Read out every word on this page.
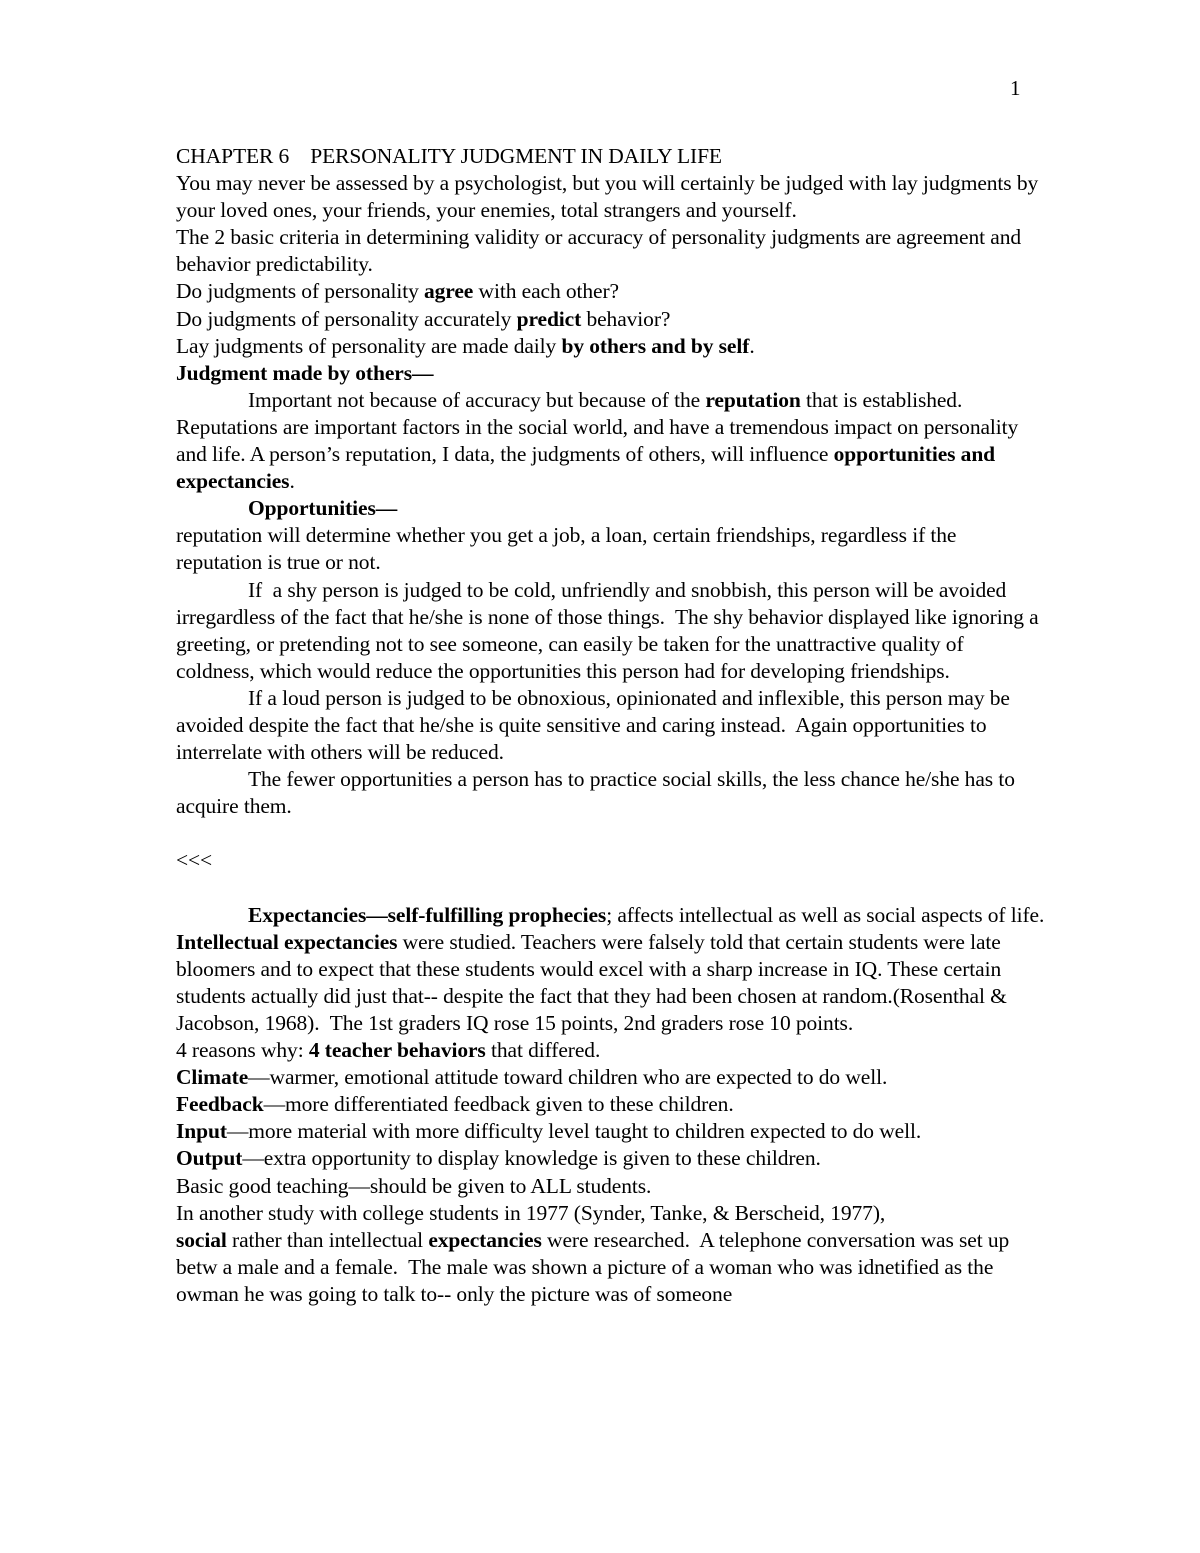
1

CHAPTER 6    PERSONALITY JUDGMENT IN DAILY LIFE

You may never be assessed by a psychologist, but you will certainly be judged with lay judgments by your loved ones, your friends, your enemies, total strangers and yourself.

The 2 basic criteria in determining validity or accuracy of personality judgments are agreement and behavior predictability.

Do judgments of personality agree with each other?

Do judgments of personality accurately predict behavior?

Lay judgments of personality are made daily by others and by self.

Judgment made by others—

Important not because of accuracy but because of the reputation that is established. Reputations are important factors in the social world, and have a tremendous impact on personality and life. A person’s reputation, I data, the judgments of others, will influence opportunities and expectancies.

Opportunities—

reputation will determine whether you get a job, a loan, certain friendships, regardless if the reputation is true or not.

If  a shy person is judged to be cold, unfriendly and snobbish, this person will be avoided irregardless of the fact that he/she is none of those things.  The shy behavior displayed like ignoring a greeting, or pretending not to see someone, can easily be taken for the unattractive quality of coldness, which would reduce the opportunities this person had for developing friendships.

If a loud person is judged to be obnoxious, opinionated and inflexible, this person may be avoided despite the fact that he/she is quite sensitive and caring instead.  Again opportunities to interrelate with others will be reduced.

The fewer opportunities a person has to practice social skills, the less chance he/she has to acquire them.

<<<

Expectancies—self-fulfilling prophecies; affects intellectual as well as social aspects of life.

Intellectual expectancies were studied. Teachers were falsely told that certain students were late bloomers and to expect that these students would excel with a sharp increase in IQ. These certain students actually did just that-- despite the fact that they had been chosen at random.(Rosenthal & Jacobson, 1968).  The 1st graders IQ rose 15 points, 2nd graders rose 10 points.

4 reasons why: 4 teacher behaviors that differed.

Climate—warmer, emotional attitude toward children who are expected to do well.

Feedback—more differentiated feedback given to these children.

Input—more material with more difficulty level taught to children expected to do well.

Output—extra opportunity to display knowledge is given to these children.

Basic good teaching—should be given to ALL students.

In another study with college students in 1977 (Synder, Tanke, & Berscheid, 1977),

social rather than intellectual expectancies were researched.  A telephone conversation was set up betw a male and a female.  The male was shown a picture of a woman who was idnetified as the owman he was going to talk to-- only the picture was of someone
